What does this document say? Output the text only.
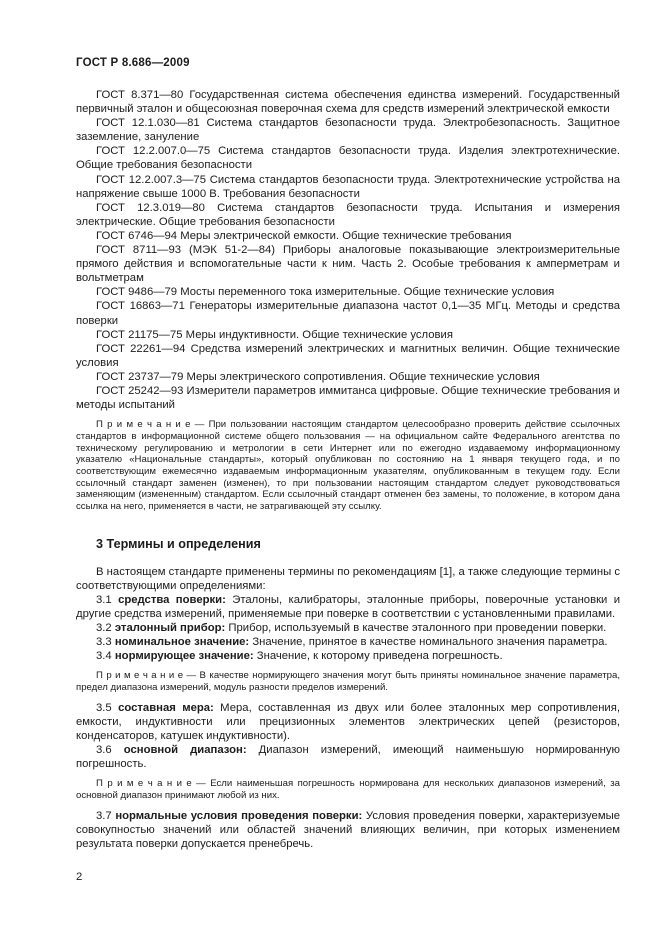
ГОСТ Р 8.686—2009

ГОСТ 8.371—80 Государственная система обеспечения единства измерений. Государственный первичный эталон и общесоюзная поверочная схема для средств измерений электрической емкости

ГОСТ 12.1.030—81 Система стандартов безопасности труда. Электробезопасность. Защитное заземление, зануление

ГОСТ 12.2.007.0—75 Система стандартов безопасности труда. Изделия электротехнические. Общие требования безопасности

ГОСТ 12.2.007.3—75 Система стандартов безопасности труда. Электротехнические устройства на напряжение свыше 1000 В. Требования безопасности

ГОСТ 12.3.019—80 Система стандартов безопасности труда. Испытания и измерения электрические. Общие требования безопасности

ГОСТ 6746—94 Меры электрической емкости. Общие технические требования

ГОСТ 8711—93 (МЭК 51-2—84) Приборы аналоговые показывающие электроизмерительные прямого действия и вспомогательные части к ним. Часть 2. Особые требования к амперметрам и вольтметрам

ГОСТ 9486—79 Мосты переменного тока измерительные. Общие технические условия

ГОСТ 16863—71 Генераторы измерительные диапазона частот 0,1—35 МГц. Методы и средства поверки

ГОСТ 21175—75 Меры индуктивности. Общие технические условия

ГОСТ 22261—94 Средства измерений электрических и магнитных величин. Общие технические условия

ГОСТ 23737—79 Меры электрического сопротивления. Общие технические условия

ГОСТ 25242—93 Измерители параметров иммитанса цифровые. Общие технические требования и методы испытаний

П р и м е ч а н и е — При пользовании настоящим стандартом целесообразно проверить действие ссылочных стандартов в информационной системе общего пользования — на официальном сайте Федерального агентства по техническому регулированию и метрологии в сети Интернет или по ежегодно издаваемому информационному указателю «Национальные стандарты», который опубликован по состоянию на 1 января текущего года, и по соответствующим ежемесячно издаваемым информационным указателям, опубликованным в текущем году. Если ссылочный стандарт заменен (изменен), то при пользовании настоящим стандартом следует руководствоваться заменяющим (измененным) стандартом. Если ссылочный стандарт отменен без замены, то положение, в котором дана ссылка на него, применяется в части, не затрагивающей эту ссылку.

3 Термины и определения

В настоящем стандарте применены термины по рекомендациям [1], а также следующие термины с соответствующими определениями:

3.1 средства поверки: Эталоны, калибраторы, эталонные приборы, поверочные установки и другие средства измерений, применяемые при поверке в соответствии с установленными правилами.

3.2 эталонный прибор: Прибор, используемый в качестве эталонного при проведении поверки.

3.3 номинальное значение: Значение, принятое в качестве номинального значения параметра.

3.4 нормирующее значение: Значение, к которому приведена погрешность.

П р и м е ч а н и е — В качестве нормирующего значения могут быть приняты номинальное значение параметра, предел диапазона измерений, модуль разности пределов измерений.

3.5 составная мера: Мера, составленная из двух или более эталонных мер сопротивления, емкости, индуктивности или прецизионных элементов электрических цепей (резисторов, конденсаторов, катушек индуктивности).

3.6 основной диапазон: Диапазон измерений, имеющий наименьшую нормированную погрешность.

П р и м е ч а н и е — Если наименьшая погрешность нормирована для нескольких диапазонов измерений, за основной диапазон принимают любой из них.

3.7 нормальные условия проведения поверки: Условия проведения поверки, характеризуемые совокупностью значений или областей значений влияющих величин, при которых изменением результата поверки допускается пренебречь.

2
